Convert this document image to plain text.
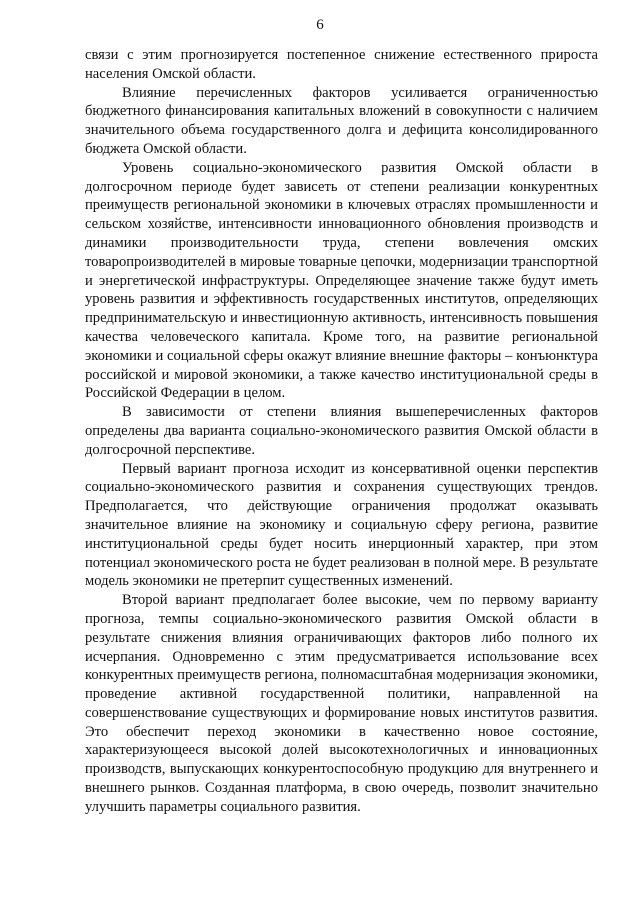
6

связи с этим прогнозируется постепенное снижение естественного прироста населения Омской области.

Влияние перечисленных факторов усиливается ограниченностью бюджетного финансирования капитальных вложений в совокупности с наличием значительного объема государственного долга и дефицита консолидированного бюджета Омской области.

Уровень социально-экономического развития Омской области в долгосрочном периоде будет зависеть от степени реализации конкурентных преимуществ региональной экономики в ключевых отраслях промышленности и сельском хозяйстве, интенсивности инновационного обновления производств и динамики производительности труда, степени вовлечения омских товаропроизводителей в мировые товарные цепочки, модернизации транспортной и энергетической инфраструктуры. Определяющее значение также будут иметь уровень развития и эффективность государственных институтов, определяющих предпринимательскую и инвестиционную активность, интенсивность повышения качества человеческого капитала. Кроме того, на развитие региональной экономики и социальной сферы окажут влияние внешние факторы – конъюнктура российской и мировой экономики, а также качество институциональной среды в Российской Федерации в целом.

В зависимости от степени влияния вышеперечисленных факторов определены два варианта социально-экономического развития Омской области в долгосрочной перспективе.

Первый вариант прогноза исходит из консервативной оценки перспектив социально-экономического развития и сохранения существующих трендов. Предполагается, что действующие ограничения продолжат оказывать значительное влияние на экономику и социальную сферу региона, развитие институциональной среды будет носить инерционный характер, при этом потенциал экономического роста не будет реализован в полной мере. В результате модель экономики не претерпит существенных изменений.

Второй вариант предполагает более высокие, чем по первому варианту прогноза, темпы социально-экономического развития Омской области в результате снижения влияния ограничивающих факторов либо полного их исчерпания. Одновременно с этим предусматривается использование всех конкурентных преимуществ региона, полномасштабная модернизация экономики, проведение активной государственной политики, направленной на совершенствование существующих и формирование новых институтов развития. Это обеспечит переход экономики в качественно новое состояние, характеризующееся высокой долей высокотехнологичных и инновационных производств, выпускающих конкурентоспособную продукцию для внутреннего и внешнего рынков. Созданная платформа, в свою очередь, позволит значительно улучшить параметры социального развития.
